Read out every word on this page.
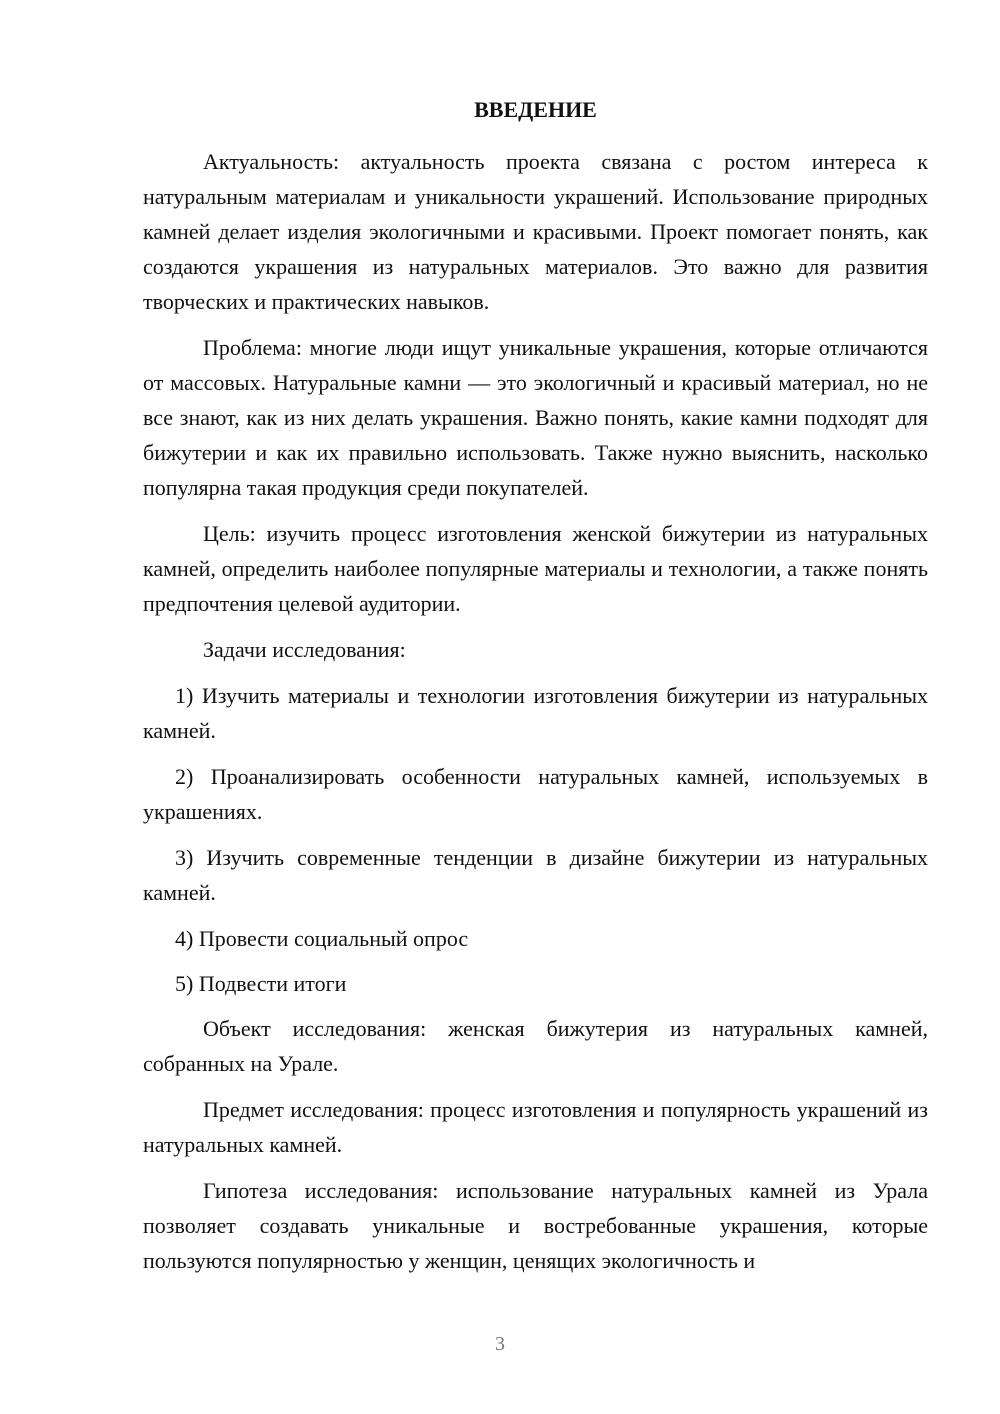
ВВЕДЕНИЕ

Актуальность: актуальность проекта связана с ростом интереса к натуральным материалам и уникальности украшений. Использование природных камней делает изделия экологичными и красивыми. Проект помогает понять, как создаются украшения из натуральных материалов. Это важно для развития творческих и практических навыков.

Проблема: многие люди ищут уникальные украшения, которые отличаются от массовых. Натуральные камни — это экологичный и красивый материал, но не все знают, как из них делать украшения. Важно понять, какие камни подходят для бижутерии и как их правильно использовать. Также нужно выяснить, насколько популярна такая продукция среди покупателей.

Цель: изучить процесс изготовления женской бижутерии из натуральных камней, определить наиболее популярные материалы и технологии, а также понять предпочтения целевой аудитории.

Задачи исследования:

1) Изучить материалы и технологии изготовления бижутерии из натуральных камней.

2) Проанализировать особенности натуральных камней, используемых в украшениях.

3) Изучить современные тенденции в дизайне бижутерии из натуральных камней.

4) Провести социальный опрос

5) Подвести итоги

Объект исследования: женская бижутерия из натуральных камней, собранных на Урале.

Предмет исследования: процесс изготовления и популярность украшений из натуральных камней.

Гипотеза исследования: использование натуральных камней из Урала позволяет создавать уникальные и востребованные украшения, которые пользуются популярностью у женщин, ценящих экологичность и

3
